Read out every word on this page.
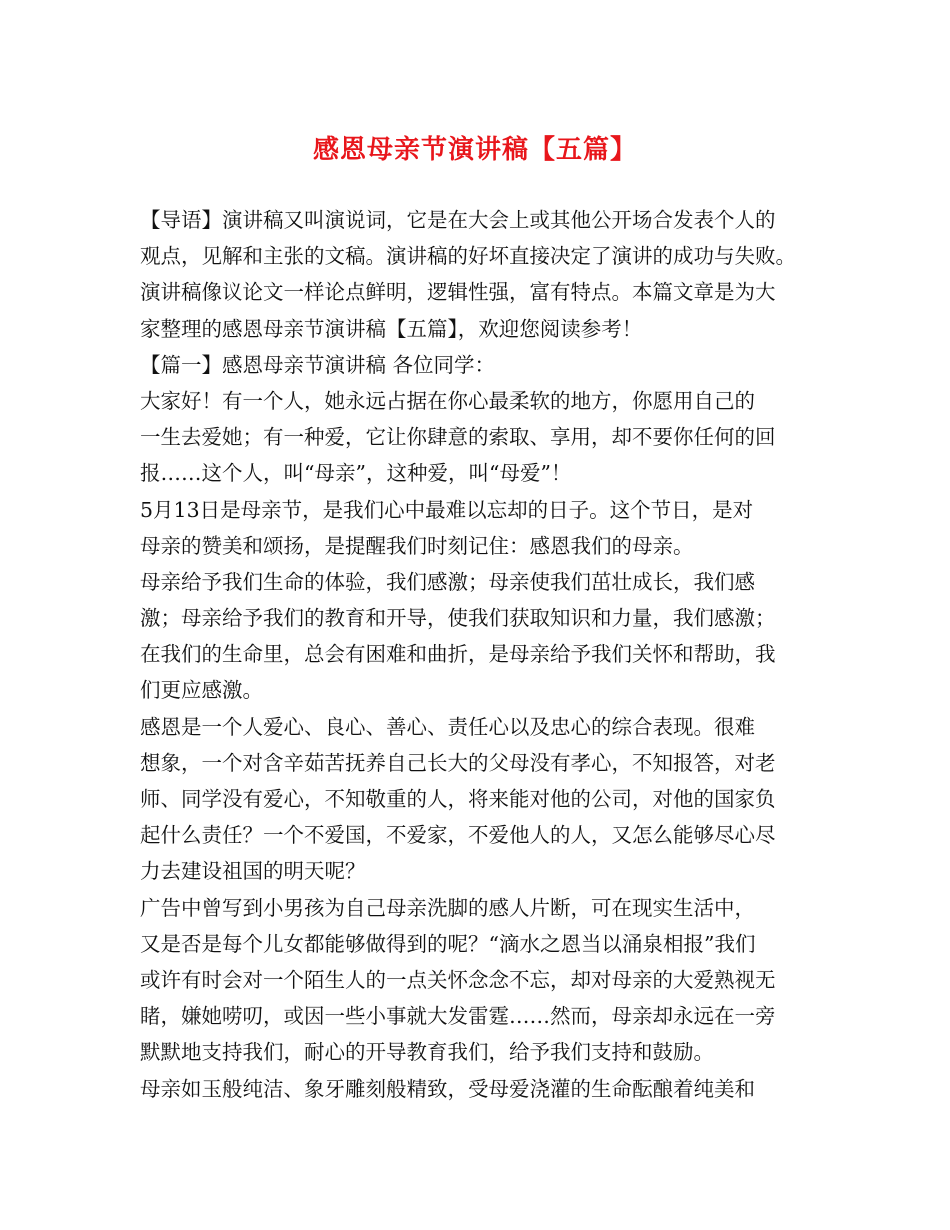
感恩母亲节演讲稿【五篇】
【导语】演讲稿又叫演说词，它是在大会上或其他公开场合发表个人的
观点，见解和主张的文稿。演讲稿的好坏直接决定了演讲的成功与失败。
演讲稿像议论文一样论点鲜明，逻辑性强，富有特点。本篇文章是为大
家整理的感恩母亲节演讲稿【五篇】，欢迎您阅读参考！
【篇一】感恩母亲节演讲稿 各位同学：
大家好！有一个人，她永远占据在你心最柔软的地方，你愿用自己的
一生去爱她；有一种爱，它让你肆意的索取、享用，却不要你任何的回
报……这个人，叫“母亲”，这种爱，叫“母爱”！
5月13日是母亲节，是我们心中最难以忘却的日子。这个节日，是对
母亲的赞美和颂扬，是提醒我们时刻记住：感恩我们的母亲。
母亲给予我们生命的体验，我们感激；母亲使我们茁壮成长，我们感
激；母亲给予我们的教育和开导，使我们获取知识和力量，我们感激；
在我们的生命里，总会有困难和曲折，是母亲给予我们关怀和帮助，我
们更应感激。
感恩是一个人爱心、良心、善心、责任心以及忠心的综合表现。很难
想象，一个对含辛茹苦抚养自己长大的父母没有孝心，不知报答，对老
师、同学没有爱心，不知敬重的人，将来能对他的公司，对他的国家负
起什么责任？一个不爱国，不爱家，不爱他人的人，又怎么能够尽心尽
力去建设祖国的明天呢？
广告中曾写到小男孩为自己母亲洗脚的感人片断，可在现实生活中，
又是否是每个儿女都能够做得到的呢？“滴水之恩当以涌泉相报”我们
或许有时会对一个陌生人的一点关怀念念不忘，却对母亲的大爱熟视无
睹，嫌她唠叨，或因一些小事就大发雷霆……然而，母亲却永远在一旁
默默地支持我们，耐心的开导教育我们，给予我们支持和鼓励。
母亲如玉般纯洁、象牙雕刻般精致，受母爱浇灌的生命酝酿着纯美和
